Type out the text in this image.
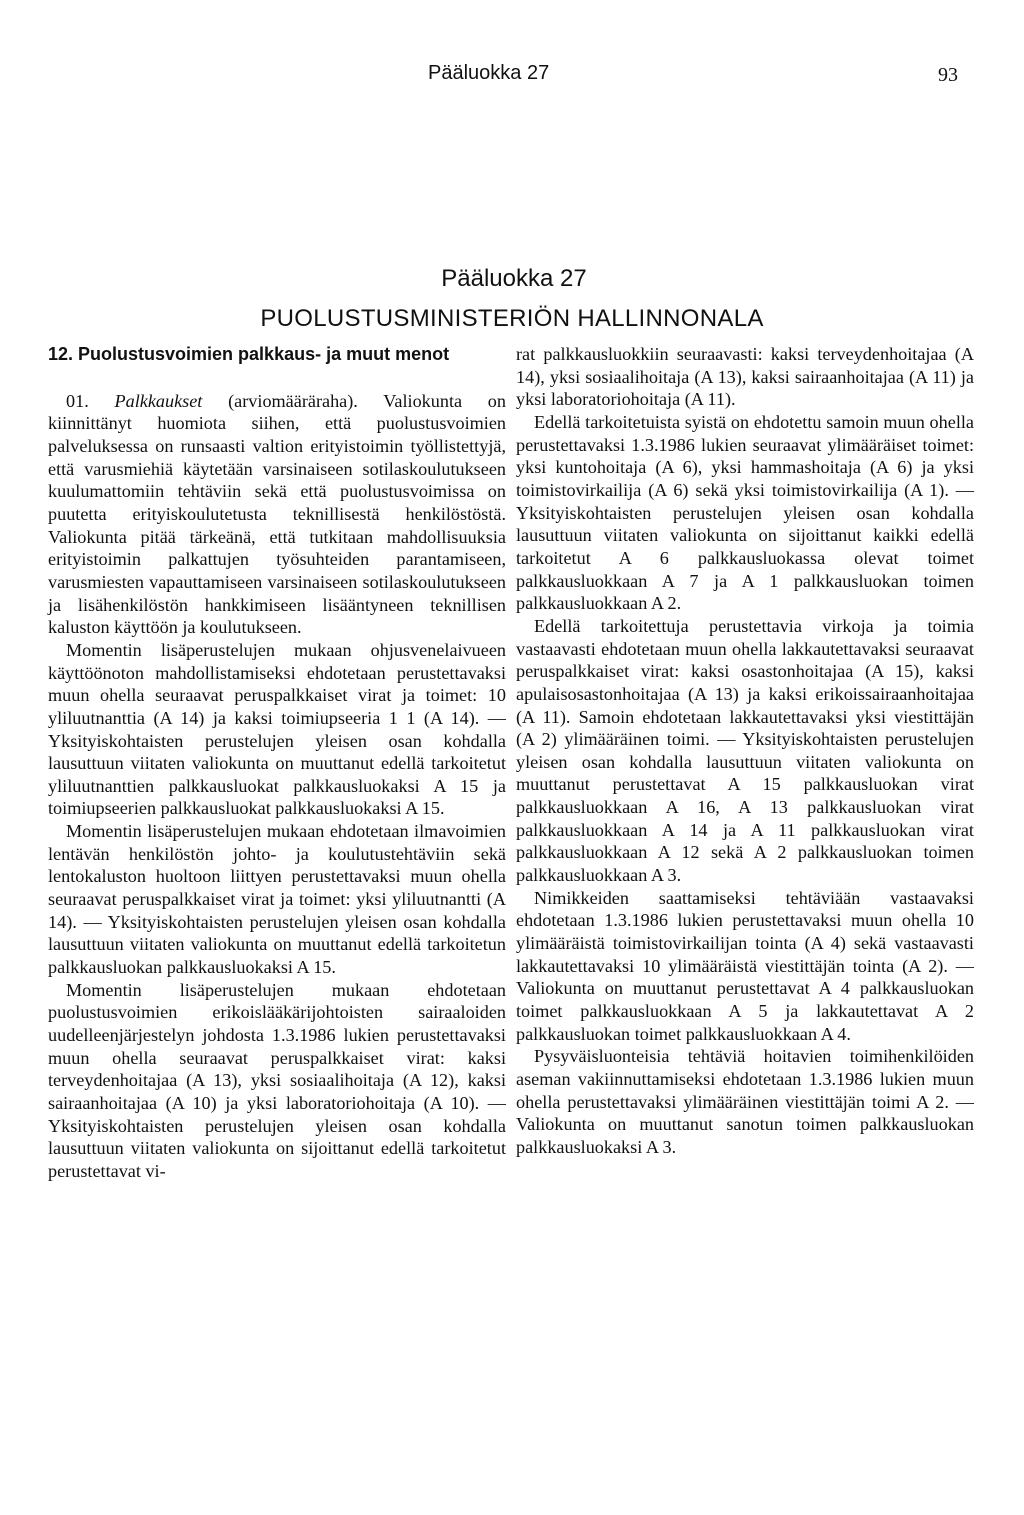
Pääluokka 27	93
Pääluokka 27
PUOLUSTUSMINISTERIÖN HALLINNONALA
12. Puolustusvoimien palkkaus- ja muut menot

01. Palkkaukset (arviomääräraha). Valiokunta on kiinnittänyt huomiota siihen, että puolustusvoimien palveluksessa on runsaasti valtion erityistoimin työllistettyjä, että varusmiehiä käytetään varsinaiseen sotilaskoulutukseen kuulumattomiin tehtäviin sekä että puolustusvoimissa on puutetta erityiskoulutetusta teknillisestä henkilöstöstä. Valiokunta pitää tärkeänä, että tutkitaan mahdollisuuksia erityistoimin palkattujen työsuhteiden parantamiseen, varusmiesten vapauttamiseen varsinaiseen sotilaskoulutukseen ja lisähenkilöstön hankkimiseen lisääntyneen teknillisen kaluston käyttöön ja koulutukseen.

Momentin lisäperustelujen mukaan ohjusvenelaivueen käyttöönoton mahdollistamiseksi ehdotetaan perustettavaksi muun ohella seuraavat peruspalkkaiset virat ja toimet: 10 yliluutnanttia (A 14) ja kaksi toimiupseeria 1 1 (A 14). — Yksityiskohtaisten perustelujen yleisen osan kohdalla lausuttuun viitaten valiokunta on muuttanut edellä tarkoitetut yliluutnanttien palkkausluokat palkkausluokaksi A 15 ja toimiupseerien palkkausluokat palkkausluokaksi A 15.

Momentin lisäperustelujen mukaan ehdotetaan ilmavoimien lentävän henkilöstön johto- ja koulutustehtäviin sekä lentokaluston huoltoon liittyen perustettavaksi muun ohella seuraavat peruspalkkaiset virat ja toimet: yksi yliluutnantti (A 14). — Yksityiskohtaisten perustelujen yleisen osan kohdalla lausuttuun viitaten valiokunta on muuttanut edellä tarkoitetun palkkausluokan palkkausluokaksi A 15.

Momentin lisäperustelujen mukaan ehdotetaan puolustusvoimien erikoislääkärijohtoisten sairaaloiden uudelleenjärjestelyn johdosta 1.3.1986 lukien perustettavaksi muun ohella seuraavat peruspalkkaiset virat: kaksi terveydenhoitajaa (A 13), yksi sosiaalihoitaja (A 12), kaksi sairaanhoitajaa (A 10) ja yksi laboratoriohoitaja (A 10). — Yksityiskohtaisten perustelujen yleisen osan kohdalla lausuttuun viitaten valiokunta on sijoittanut edellä tarkoitetut perustettavat vi-

rat palkkausluokkiin seuraavasti: kaksi terveydenhoitajaa (A 14), yksi sosiaalihoitaja (A 13), kaksi sairaanhoitajaa (A 11) ja yksi laboratoriohoitaja (A 11).

Edellä tarkoitetuista syistä on ehdotettu samoin muun ohella perustettavaksi 1.3.1986 lukien seuraavat ylimääräiset toimet: yksi kuntohoitaja (A 6), yksi hammashoitaja (A 6) ja yksi toimistovirkailija (A 6) sekä yksi toimistovirkailija (A 1). — Yksityiskohtaisten perustelujen yleisen osan kohdalla lausuttuun viitaten valiokunta on sijoittanut kaikki edellä tarkoitetut A 6 palkkausluokassa olevat toimet palkkausluokkaan A 7 ja A 1 palkkausluokan toimen palkkausluokkaan A 2.

Edellä tarkoitettuja perustettavia virkoja ja toimia vastaavasti ehdotetaan muun ohella lakkautettavaksi seuraavat peruspalkkaiset virat: kaksi osastonhoitajaa (A 15), kaksi apulaisosastonhoitajaa (A 13) ja kaksi erikoissairaanhoitajaa (A 11). Samoin ehdotetaan lakkautettavaksi yksi viestittäjän (A 2) ylimääräinen toimi. — Yksityiskohtaisten perustelujen yleisen osan kohdalla lausuttuun viitaten valiokunta on muuttanut perustettavat A 15 palkkausluokan virat palkkausluokkaan A 16, A 13 palkkausluokan virat palkkausluokkaan A 14 ja A 11 palkkausluokan virat palkkausluokkaan A 12 sekä A 2 palkkausluokan toimen palkkausluokkaan A 3.

Nimikkeiden saattamiseksi tehtäviään vastaavaksi ehdotetaan 1.3.1986 lukien perustettavaksi muun ohella 10 ylimääräistä toimistovirkailijan tointa (A 4) sekä vastaavasti lakkautettavaksi 10 ylimääräistä viestittäjän tointa (A 2). — Valiokunta on muuttanut perustettavat A 4 palkkausluokan toimet palkkausluokkaan A 5 ja lakkautettavat A 2 palkkausluokan toimet palkkausluokkaan A 4.

Pysyväisluonteisia tehtäviä hoitavien toimihenkilöiden aseman vakiinnuttamiseksi ehdotetaan 1.3.1986 lukien muun ohella perustettavaksi ylimääräinen viestittäjän toimi A 2. — Valiokunta on muuttanut sanotun toimen palkkausluokan palkkausluokaksi A 3.
